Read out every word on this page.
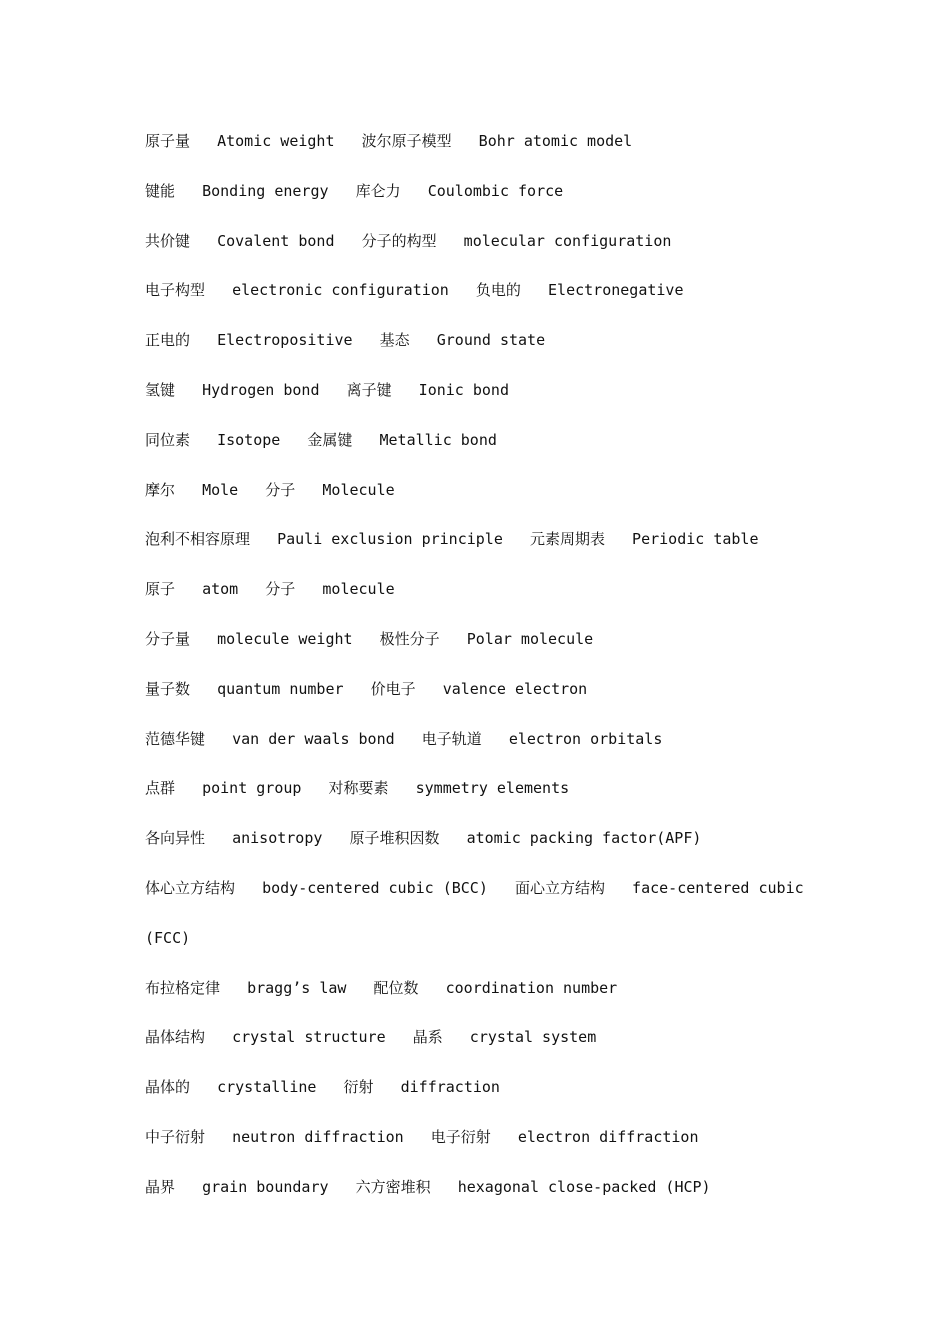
原子量   Atomic weight   波尔原子模型   Bohr atomic model
键能   Bonding energy   库仑力   Coulombic force
共价键   Covalent bond   分子的构型   molecular configuration
电子构型   electronic configuration   负电的   Electronegative
正电的   Electropositive   基态   Ground state
氢键   Hydrogen bond   离子键   Ionic bond
同位素   Isotope   金属键   Metallic bond
摩尔   Mole   分子   Molecule
泡利不相容原理   Pauli exclusion principle   元素周期表   Periodic table
原子   atom   分子   molecule
分子量   molecule weight   极性分子   Polar molecule
量子数   quantum number   价电子   valence electron
范德华键   van der waals bond   电子轨道   electron orbitals
点群   point group   对称要素   symmetry elements
各向异性   anisotropy   原子堆积因数   atomic packing factor(APF)
体心立方结构   body-centered cubic (BCC)   面心立方结构   face-centered cubic
(FCC)
布拉格定律   bragg’s law   配位数   coordination number
晶体结构   crystal structure   晶系   crystal system
晶体的   crystalline   衍射   diffraction
中子衍射   neutron diffraction   电子衍射   electron diffraction
晶界   grain boundary   六方密堆积   hexagonal close-packed (HCP)
